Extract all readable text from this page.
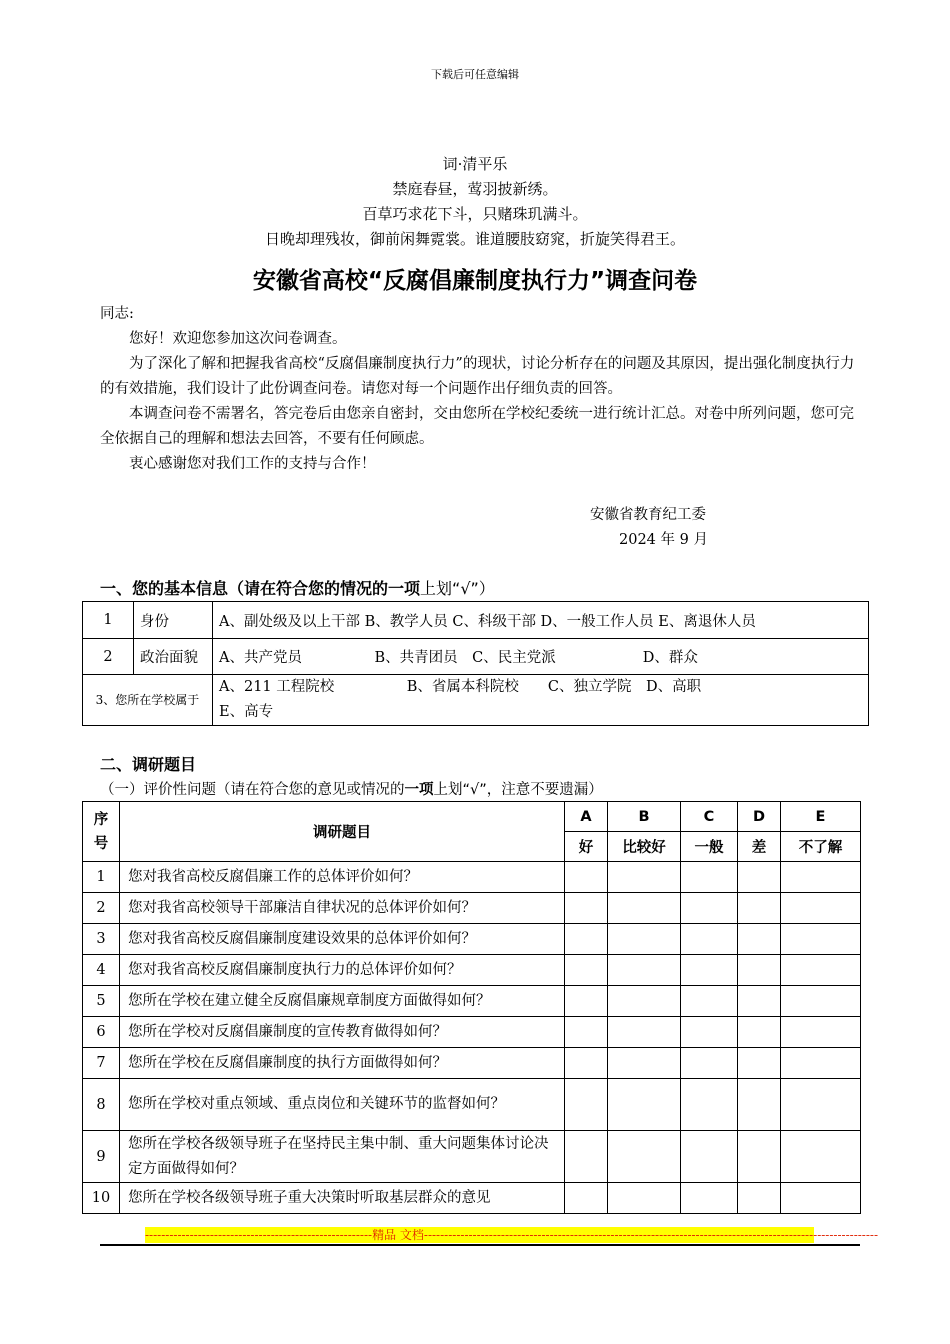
下载后可任意编辑
词·清平乐
禁庭春昼，莺羽披新绣。
百草巧求花下斗，只赌珠玑满斗。
日晚却理残妆，御前闲舞霓裳。谁道腰肢窈窕，折旋笑得君王。
安徽省高校“反腐倡廉制度执行力”调查问卷

同志:

您好！欢迎您参加这次问卷调查。

为了深化了解和把握我省高校“反腐倡廉制度执行力”的现状，讨论分析存在的问题及其原因，提出强化制度执行力的有效措施，我们设计了此份调查问卷。请您对每一个问题作出仔细负责的回答。

本调查问卷不需署名，答完卷后由您亲自密封，交由您所在学校纪委统一进行统计汇总。对卷中所列问题，您可完全依据自己的理解和想法去回答，不要有任何顾虑。

衷心感谢您对我们工作的支持与合作！

安徽省教育纪工委
2024 年 9 月
一、您的基本信息（请在符合您的情况的一项上划“√”）
1	身份	A、副处级及以上干部 B、教学人员 C、科级干部 D、一般工作人员 E、离退休人员
2	政治面貌	A、共产党员　　　　　B、共青团员　C、民主党派　　　　　　D、群众
3、您所在学校属于		A、211 工程院校　　　　　B、省属本科院校　　C、独立学院　D、高职
E、高专
二、调研题目
（一）评价性问题（请在符合您的意见或情况的一项上划“√”，注意不要遗漏）
序号	调研题目	A	B	C	D	E
		好	比较好	一般	差	不了解
1	您对我省高校反腐倡廉工作的总体评价如何？					
2	您对我省高校领导干部廉洁自律状况的总体评价如何？					
3	您对我省高校反腐倡廉制度建设效果的总体评价如何？					
4	您对我省高校反腐倡廉制度执行力的总体评价如何？					
5	您所在学校在建立健全反腐倡廉规章制度方面做得如何？					
6	您所在学校对反腐倡廉制度的宣传教育做得如何？					
7	您所在学校在反腐倡廉制度的执行方面做得如何？					
8	您所在学校对重点领域、重点岗位和关键环节的监督如何？					
9	您所在学校各级领导班子在坚持民主集中制、重大问题集体讨论决定方面做得如何？					
10	您所在学校各级领导班子重大决策时听取基层群众的意见					
--------------------------------------------------------精品 文档----------------------------------------------------------------------------------------------------------------
